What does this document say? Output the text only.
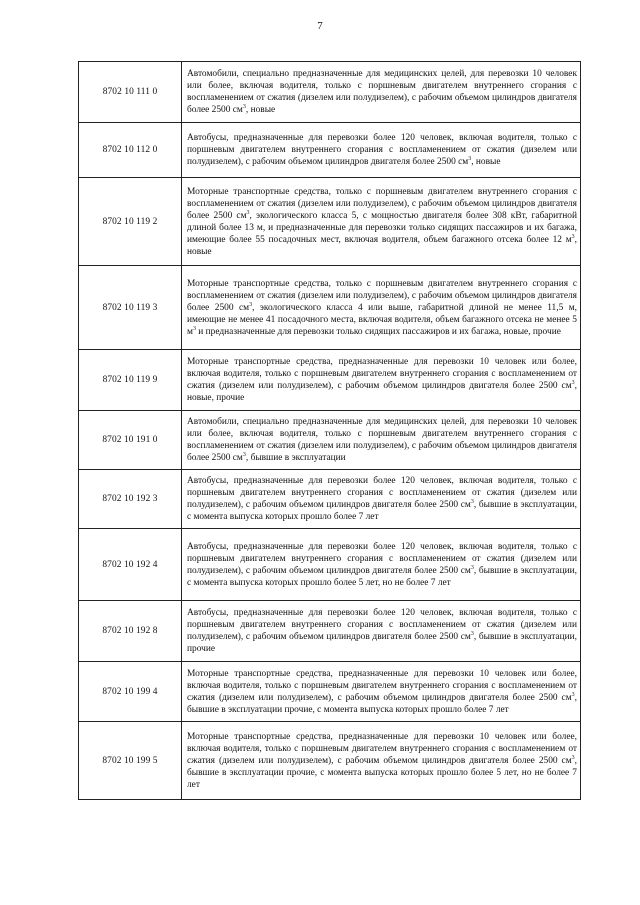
7
8702 10 111 0	Автомобили, специально предназначенные для медицинских целей, для перевозки 10 человек или более, включая водителя, только с поршневым двигателем внутреннего сгорания с воспламенением от сжатия (дизелем или полудизелем), с рабочим объемом цилиндров двигателя более 2500 $см^3$, новые
8702 10 112 0	Автобусы, предназначенные для перевозки более 120 человек, включая водителя, только с поршневым двигателем внутреннего сгорания с воспламенением от сжатия (дизелем или полудизелем), с рабочим объемом цилиндров двигателя более 2500 $см^3$, новые
8702 10 119 2	Моторные транспортные средства, только с поршневым двигателем внутреннего сгорания с воспламенением от сжатия (дизелем или полудизелем), с рабочим объемом цилиндров двигателя более 2500 $см^3$, экологического класса 5, с мощностью двигателя более 308 кВт, габаритной длиной более 13 м, и предназначенные для перевозки только сидящих пассажиров и их багажа, имеющие более 55 посадочных мест, включая водителя, объем багажного отсека более 12 $м^3$, новые
8702 10 119 3	Моторные транспортные средства, только с поршневым двигателем внутреннего сгорания с воспламенением от сжатия (дизелем или полудизелем), с рабочим объемом цилиндров двигателя более 2500 $см^3$, экологического класса 4 или выше, габаритной длиной не менее 11,5 м, имеющие не менее 41 посадочного места, включая водителя, объем багажного отсека не менее 5 $м^3$ и предназначенные для перевозки только сидящих пассажиров и их багажа, новые, прочие
8702 10 119 9	Моторные транспортные средства, предназначенные для перевозки 10 человек или более, включая водителя, только с поршневым двигателем внутреннего сгорания с воспламенением от сжатия (дизелем или полудизелем), с рабочим объемом цилиндров двигателя более 2500 $см^3$, новые, прочие
8702 10 191 0	Автомобили, специально предназначенные для медицинских целей, для перевозки 10 человек или более, включая водителя, только с поршневым двигателем внутреннего сгорания с воспламенением от сжатия (дизелем или полудизелем), с рабочим объемом цилиндров двигателя более 2500 $см^3$, бывшие в эксплуатации
8702 10 192 3	Автобусы, предназначенные для перевозки более 120 человек, включая водителя, только с поршневым двигателем внутреннего сгорания с воспламенением от сжатия (дизелем или полудизелем), с рабочим объемом цилиндров двигателя более 2500 $см^3$, бывшие в эксплуатации, с момента выпуска которых прошло более 7 лет
8702 10 192 4	Автобусы, предназначенные для перевозки более 120 человек, включая водителя, только с поршневым двигателем внутреннего сгорания с воспламенением от сжатия (дизелем или полудизелем), с рабочим объемом цилиндров двигателя более 2500 $см^3$, бывшие в эксплуатации, с момента выпуска которых прошло более 5 лет, но не более 7 лет
8702 10 192 8	Автобусы, предназначенные для перевозки более 120 человек, включая водителя, только с поршневым двигателем внутреннего сгорания с воспламенением от сжатия (дизелем или полудизелем), с рабочим объемом цилиндров двигателя более 2500 $см^3$, бывшие в эксплуатации, прочие
8702 10 199 4	Моторные транспортные средства, предназначенные для перевозки 10 человек или более, включая водителя, только с поршневым двигателем внутреннего сгорания с воспламенением от сжатия (дизелем или полудизелем), с рабочим объемом цилиндров двигателя более 2500 $см^3$, бывшие в эксплуатации прочие, с момента выпуска которых прошло более 7 лет
8702 10 199 5	Моторные транспортные средства, предназначенные для перевозки 10 человек или более, включая водителя, только с поршневым двигателем внутреннего сгорания с воспламенением от сжатия (дизелем или полудизелем), с рабочим объемом цилиндров двигателя более 2500 $см^3$, бывшие в эксплуатации прочие, с момента выпуска которых прошло более 5 лет, но не более 7 лет
